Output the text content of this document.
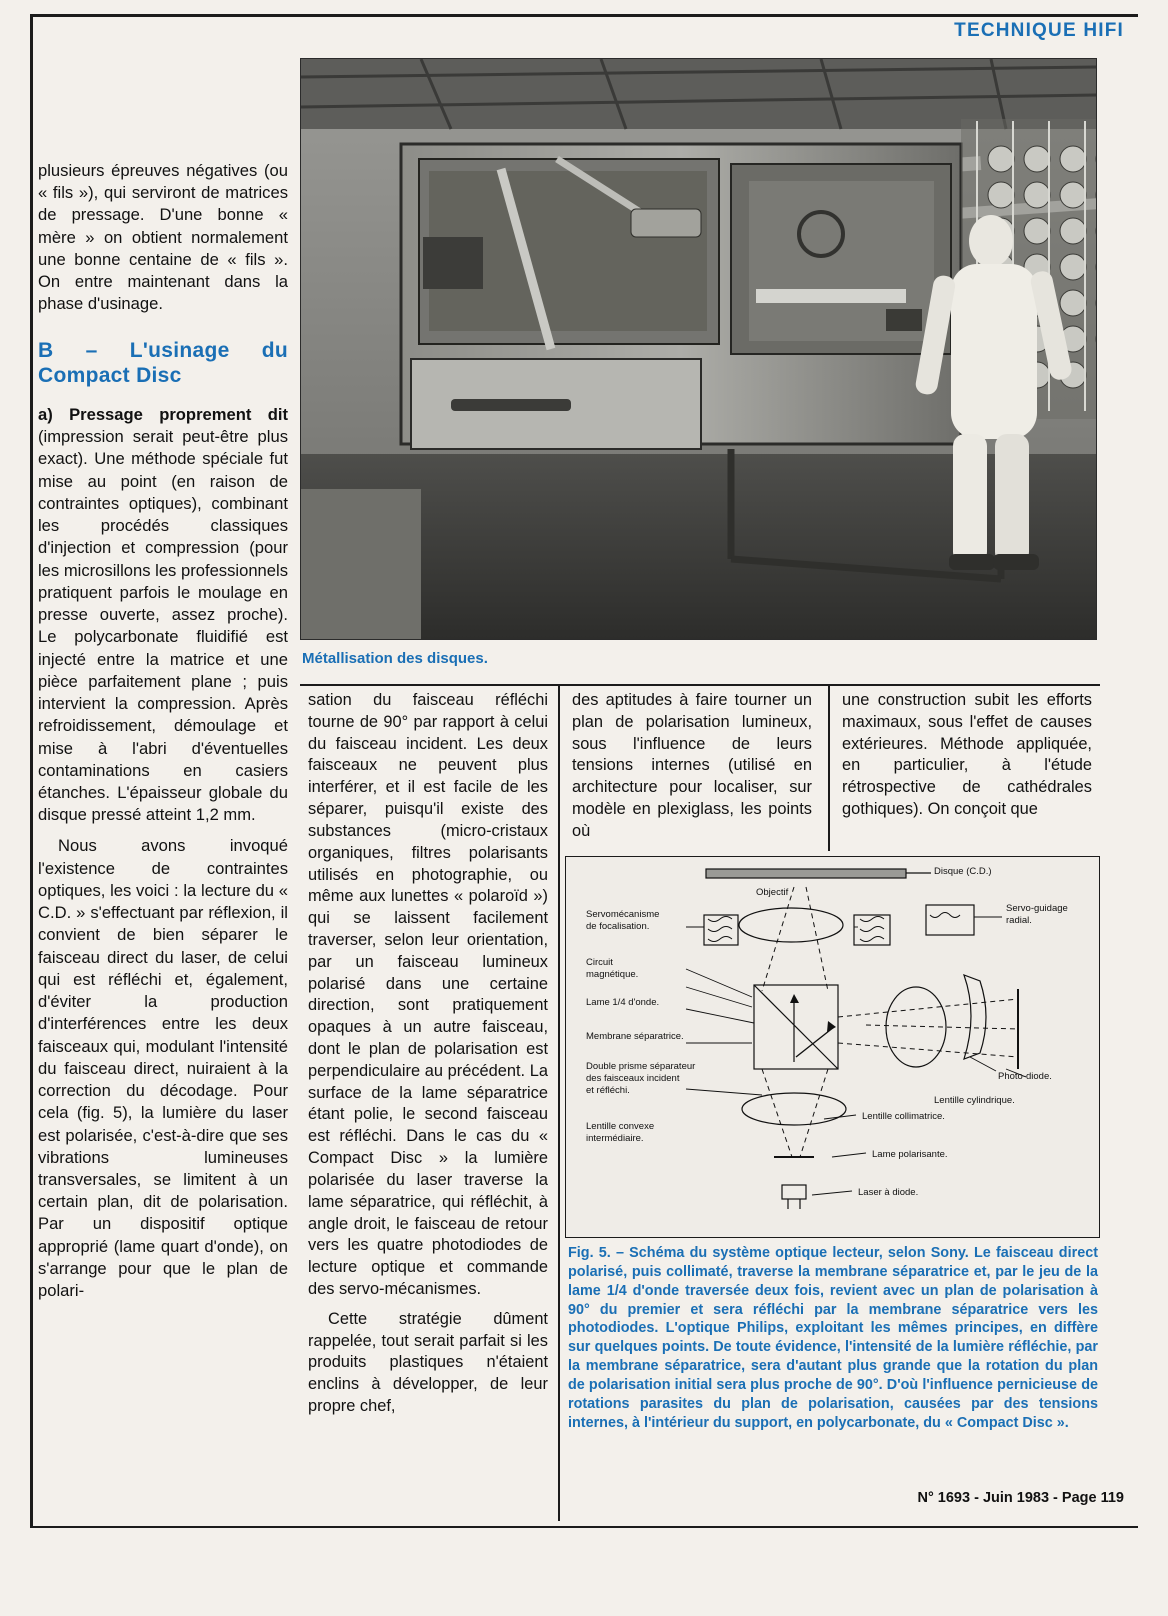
TECHNIQUE HIFI
Métallisation des disques.

plusieurs épreuves négatives (ou « fils »), qui serviront de matrices de pressage. D'une bonne « mère » on obtient normalement une bonne centaine de « fils ». On entre maintenant dans la phase d'usinage.

B – L'usinage du Compact Disc

a) Pressage proprement dit (impression serait peut-être plus exact). Une méthode spéciale fut mise au point (en raison de contraintes optiques), combinant les procédés classiques d'injection et compression (pour les microsillons les professionnels pratiquent parfois le moulage en presse ouverte, assez proche). Le polycarbonate fluidifié est injecté entre la matrice et une pièce parfaitement plane ; puis intervient la compression. Après refroidissement, démoulage et mise à l'abri d'éventuelles contaminations en casiers étanches. L'épaisseur globale du disque pressé atteint 1,2 mm.

Nous avons invoqué l'existence de contraintes optiques, les voici : la lecture du « C.D. » s'effectuant par réflexion, il convient de bien séparer le faisceau direct du laser, de celui qui est réfléchi et, également, d'éviter la production d'interférences entre les deux faisceaux qui, modulant l'intensité du faisceau direct, nuiraient à la correction du décodage. Pour cela (fig. 5), la lumière du laser est polarisée, c'est-à-dire que ses vibrations lumineuses transversales, se limitent à un certain plan, dit de polarisation. Par un dispositif optique approprié (lame quart d'onde), on s'arrange pour que le plan de polari-

sation du faisceau réfléchi tourne de 90° par rapport à celui du faisceau incident. Les deux faisceaux ne peuvent plus interférer, et il est facile de les séparer, puisqu'il existe des substances (micro-cristaux organiques, filtres polarisants utilisés en photographie, ou même aux lunettes « polaroïd ») qui se laissent facilement traverser, selon leur orientation, par un faisceau lumineux polarisé dans une certaine direction, sont pratiquement opaques à un autre faisceau, dont le plan de polarisation est perpendiculaire au précédent. La surface de la lame séparatrice étant polie, le second faisceau est réfléchi. Dans le cas du « Compact Disc » la lumière polarisée du laser traverse la lame séparatrice, qui réfléchit, à angle droit, le faisceau de retour vers les quatre photodiodes de lecture optique et commande des servo-mécanismes.

Cette stratégie dûment rappelée, tout serait parfait si les produits plastiques n'étaient enclins à développer, de leur propre chef,

des aptitudes à faire tourner un plan de polarisation lumineux, sous l'influence de leurs tensions internes (utilisé en architecture pour localiser, sur modèle en plexiglass, les points où

une construction subit les efforts maximaux, sous l'effet de causes extérieures. Méthode appliquée, en particulier, à l'étude rétrospective de cathédrales gothiques). On conçoit que

Disque (C.D.)
Servomécanisme
de focalisation.
Objectif
Servo-guidage
radial.
Circuit
magnétique.
Lame 1/4 d'onde.
Membrane séparatrice.
Double prisme séparateur
des faisceaux incident
et réfléchi.
Lentille convexe
intermédiaire.
Photo-diode.
Lentille cylindrique.
Lentille collimatrice.
Lame polarisante.
Laser à diode.
Fig. 5. – Schéma du système optique lecteur, selon Sony. Le faisceau direct polarisé, puis collimaté, traverse la membrane séparatrice et, par le jeu de la lame 1/4 d'onde traversée deux fois, revient avec un plan de polarisation à 90° du premier et sera réfléchi par la membrane séparatrice vers les photodiodes. L'optique Philips, exploitant les mêmes principes, en diffère sur quelques points. De toute évidence, l'intensité de la lumière réfléchie, par la membrane séparatrice, sera d'autant plus grande que la rotation du plan de polarisation initial sera plus proche de 90°. D'où l'influence pernicieuse de rotations parasites du plan de polarisation, causées par des tensions internes, à l'intérieur du support, en polycarbonate, du « Compact Disc ».
N° 1693 - Juin 1983 - Page 119
